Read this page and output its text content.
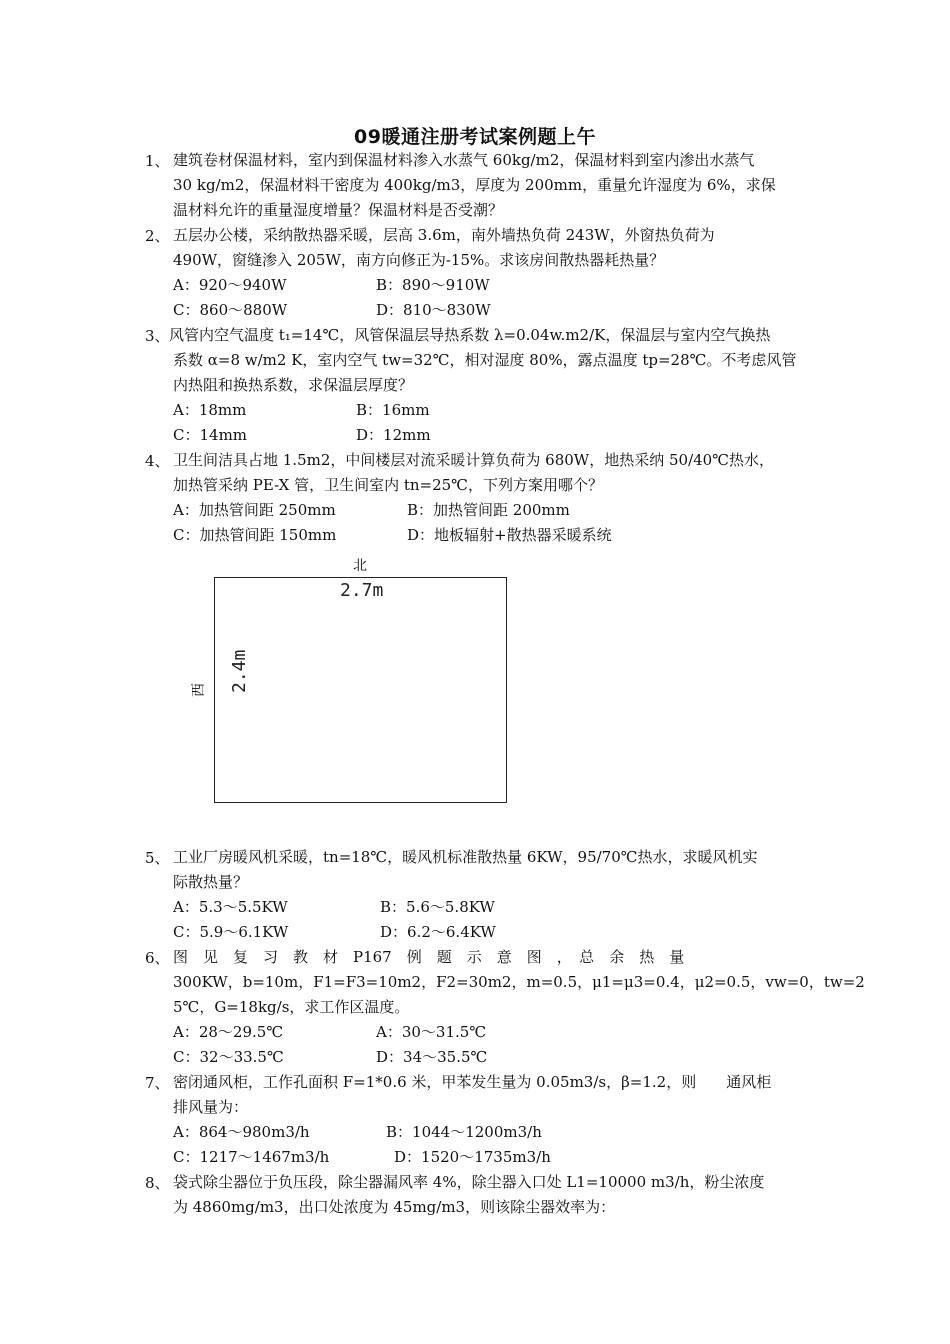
09暖通注册考试案例题上午
1、 建筑卷材保温材料，室内到保温材料渗入水蒸气 60kg/m2，保温材料到室内渗出水蒸气
30 kg/m2，保温材料干密度为 400kg/m3，厚度为 200mm，重量允许湿度为 6%，求保
温材料允许的重量湿度增量？保温材料是否受潮？
2、 五层办公楼，采纳散热器采暖，层高 3.6m，南外墙热负荷 243W，外窗热负荷为
490W，窗缝渗入 205W，南方向修正为-15%。求该房间散热器耗热量？
A：920～940W	B：890～910W
C：860～880W	D：810～830W
3、 风管内空气温度 t₁=14℃，风管保温层导热系数 λ=0.04w.m2/K，保温层与室内空气换热
系数 α=8 w/m2 K，室内空气 tw=32℃，相对湿度 80%，露点温度 tp=28℃。不考虑风管
内热阻和换热系数，求保温层厚度？
A：18mm	B：16mm
C：14mm	D：12mm
4、 卫生间洁具占地 1.5m2，中间楼层对流采暖计算负荷为 680W，地热采纳 50/40℃热水，
加热管采纳 PE-X 管，卫生间室内 tn=25℃，下列方案用哪个？
A：加热管间距 250mm	B：加热管间距 200mm
C：加热管间距 150mm	D：地板辐射+散热器采暖系统
北
西
2.7m
2.4m
5、 工业厂房暖风机采暖，tn=18℃，暖风机标准散热量 6KW，95/70℃热水，求暖风机实
际散热量？
A：5.3～5.5KW	B：5.6～5.8KW
C：5.9～6.1KW	D：6.2～6.4KW
6、 图　见　复　习　教　材　P167　例　题　示　意　图　，　总　余　热　量
300KW，b=10m，F1=F3=10m2，F2=30m2，m=0.5，μ1=μ3=0.4，μ2=0.5，vw=0，tw=2
5℃，G=18kg/s，求工作区温度。
A：28～29.5℃	A：30～31.5℃
C：32～33.5℃	D：34～35.5℃
7、 密闭通风柜，工作孔面积 F=1*0.6 米，甲苯发生量为 0.05m3/s，β=1.2，则　　通风柜
排风量为：
A：864～980m3/h	B：1044～1200m3/h
C：1217～1467m3/h	D：1520～1735m3/h
8、 袋式除尘器位于负压段，除尘器漏风率 4%，除尘器入口处 L1=10000 m3/h，粉尘浓度
为 4860mg/m3，出口处浓度为 45mg/m3，则该除尘器效率为：
